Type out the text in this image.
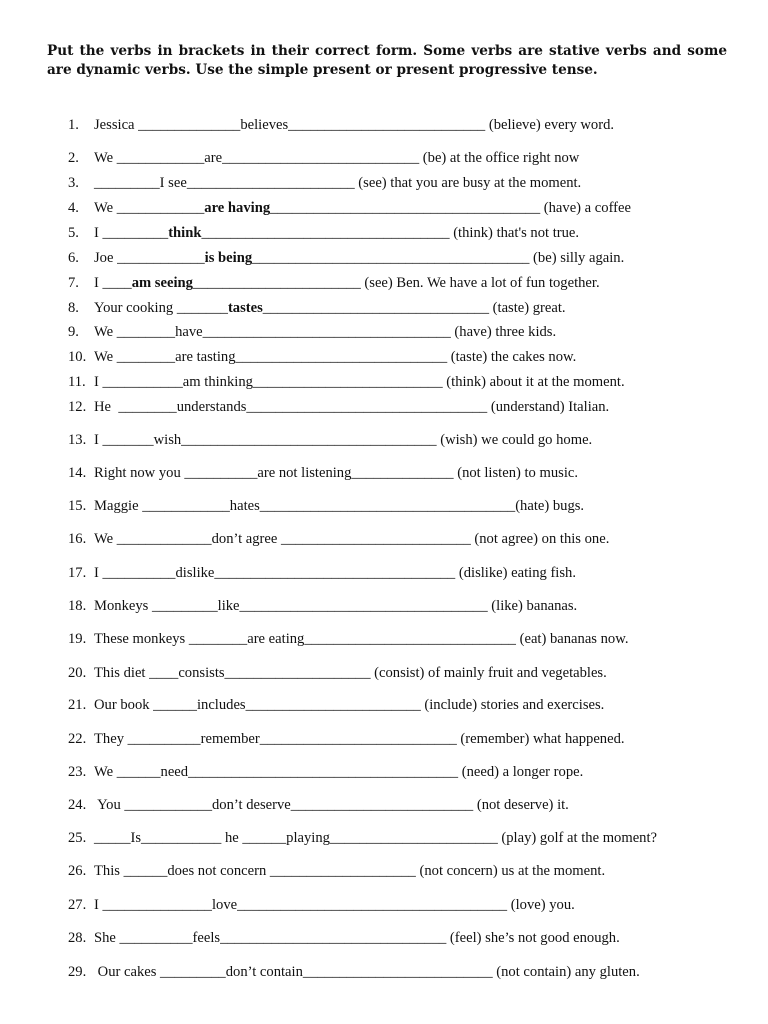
Put the verbs in brackets in their correct form. Some verbs are stative verbs and some are dynamic verbs. Use the simple present or present progressive tense.

1. Jessica ______________believes___________________________ (believe) every word.
2. We ____________are___________________________ (be) at the office right now
3. _________I see_______________________ (see) that you are busy at the moment.
4. We ____________are having_____________________________________ (have) a coffee
5. I _________think__________________________________ (think) that's not true.
6. Joe ____________is being______________________________________ (be) silly again.
7. I ____am seeing_______________________ (see) Ben. We have a lot of fun together.
8. Your cooking _______tastes_______________________________ (taste) great.
9. We ________have__________________________________ (have) three kids.
10. We ________are tasting_____________________________ (taste) the cakes now.
11. I ___________am thinking__________________________ (think) about it at the moment.
12. He  ________understands_________________________________ (understand) Italian.
13. I _______wish___________________________________ (wish) we could go home.
14. Right now you __________are not listening______________ (not listen) to music.
15. Maggie ____________hates___________________________________(hate) bugs.
16. We _____________don’t agree __________________________ (not agree) on this one.
17. I __________dislike_________________________________ (dislike) eating fish.
18. Monkeys _________like__________________________________ (like) bananas.
19. These monkeys ________are eating_____________________________ (eat) bananas now.
20. This diet ____consists____________________ (consist) of mainly fruit and vegetables.
21. Our book ______includes________________________ (include) stories and exercises.
22. They __________remember___________________________ (remember) what happened.
23. We ______need_____________________________________ (need) a longer rope.
24. You ____________don’t deserve_________________________ (not deserve) it.
25. _____Is___________ he ______playing_______________________ (play) golf at the moment?
26. This ______does not concern ____________________ (not concern) us at the moment.
27. I _______________love_____________________________________ (love) you.
28. She __________feels_______________________________ (feel) she’s not good enough.
29. Our cakes _________don’t contain__________________________ (not contain) any gluten.
